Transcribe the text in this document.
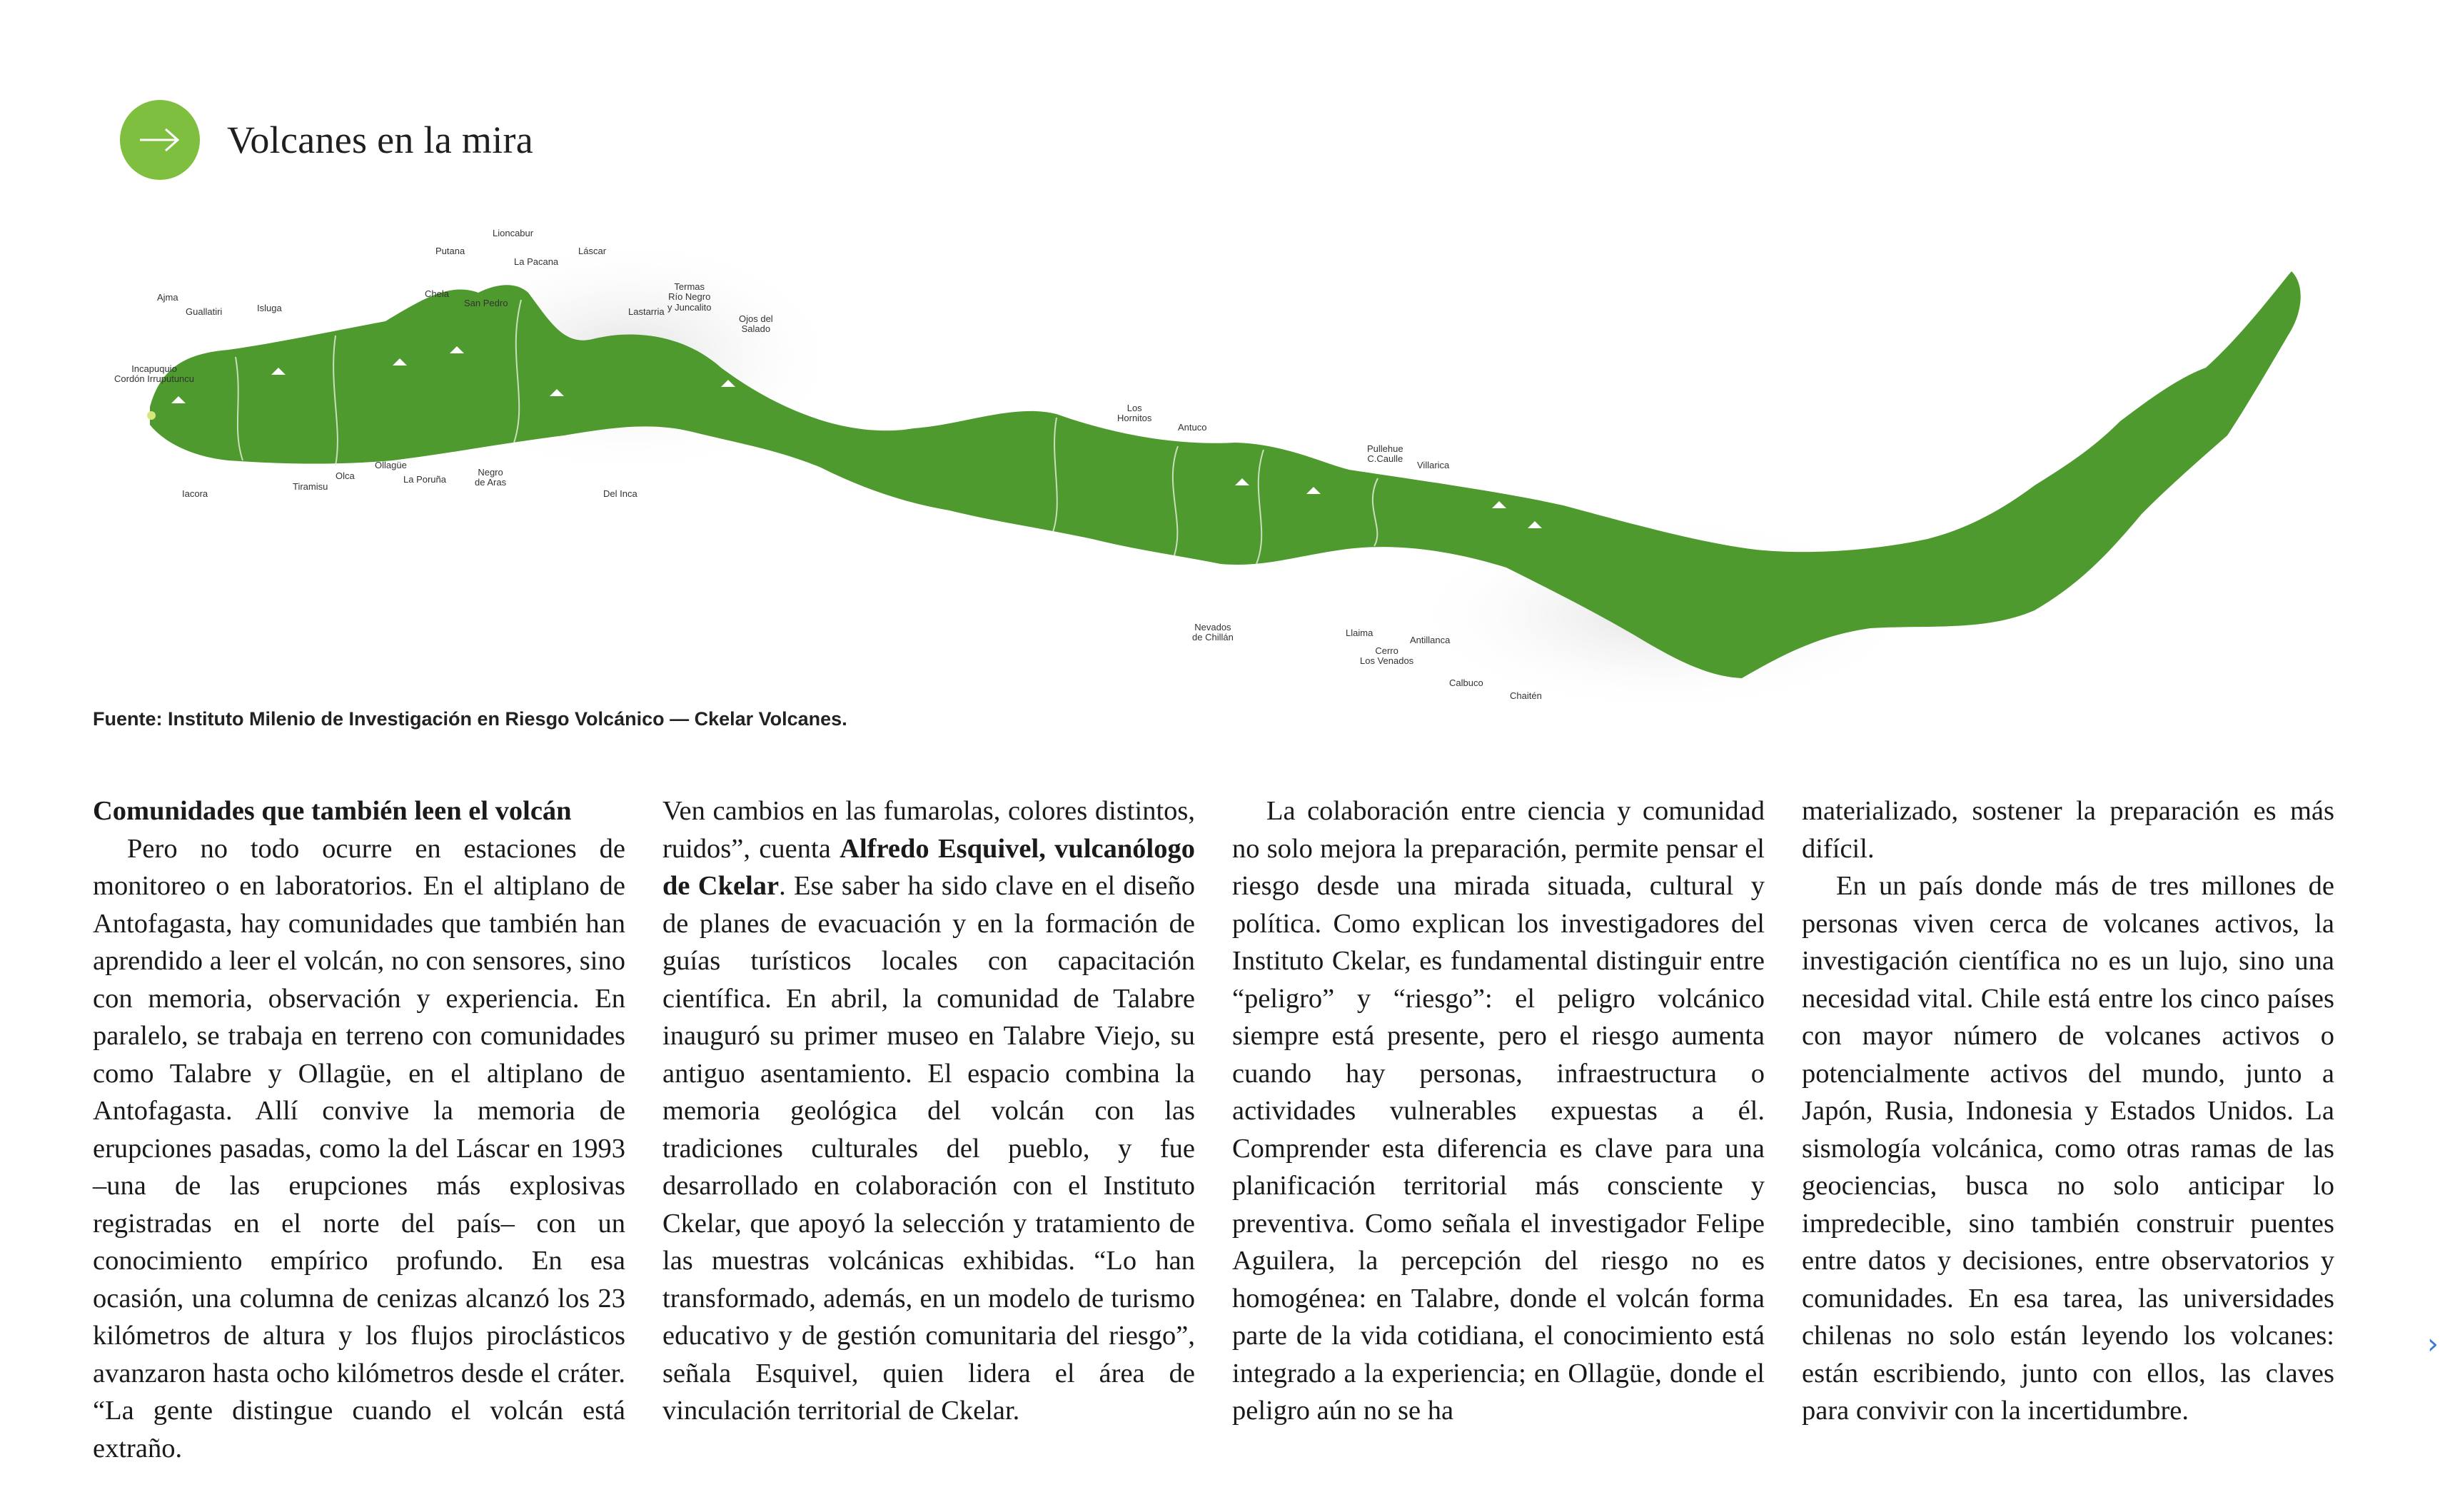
Volcanes en la mira
Lioncabur
Putana
La Pacana
Láscar
Chela
San Pedro
Ajma
Guallatiri	Isluga	Lastarria
Termas
Río Negro
y Juncalito
Ojos del
Salado
Incapuquio
Cordón Irruputuncu
Iacora
Tiramisu
Olca
Ollagüe
La Poruña
Negro
de Aras
Del Inca
Los
Hornitos
Antuco
Pullehue
C.Caulle
Villarica
Nevados
de Chillán	Llaima
Antillanca
Cerro
Los Venados
Calbuco
Chaitén
Fuente: Instituto Milenio de Investigación en Riesgo Volcánico — Ckelar Volcanes.

Comunidades que también leen el volcán

Pero no todo ocurre en estaciones de monitoreo o en laboratorios. En el altiplano de Antofagasta, hay comunidades que también han aprendido a leer el volcán, no con sensores, sino con memoria, observación y experiencia. En paralelo, se trabaja en terreno con comunidades como Talabre y Ollagüe, en el altiplano de Antofagasta. Allí convive la memoria de erupciones pasadas, como la del Láscar en 1993 –una de las erupciones más explosivas registradas en el norte del país– con un conocimiento empírico profundo. En esa ocasión, una columna de cenizas alcanzó los 23 kilómetros de altura y los flujos piroclásticos avanzaron hasta ocho kilómetros desde el cráter. “La gente distingue cuando el volcán está extraño.

Ven cambios en las fumarolas, colores distintos, ruidos”, cuenta Alfredo Esquivel, vulcanólogo de Ckelar. Ese saber ha sido clave en el diseño de planes de evacuación y en la formación de guías turísticos locales con capacitación científica. En abril, la comunidad de Talabre inauguró su primer museo en Talabre Viejo, su antiguo asentamiento. El espacio combina la memoria geológica del volcán con las tradiciones culturales del pueblo, y fue desarrollado en colaboración con el Instituto Ckelar, que apoyó la selección y tratamiento de las muestras volcánicas exhibidas. “Lo han transformado, además, en un modelo de turismo educativo y de gestión comunitaria del riesgo”, señala Esquivel, quien lidera el área de vinculación territorial de Ckelar.

La colaboración entre ciencia y comunidad no solo mejora la preparación, permite pensar el riesgo desde una mirada situada, cultural y política. Como explican los investigadores del Instituto Ckelar, es fundamental distinguir entre “peligro” y “riesgo”: el peligro volcánico siempre está presente, pero el riesgo aumenta cuando hay personas, infraestructura o actividades vulnerables expuestas a él. Comprender esta diferencia es clave para una planificación territorial más consciente y preventiva. Como señala el investigador Felipe Aguilera, la percepción del riesgo no es homogénea: en Talabre, donde el volcán forma parte de la vida cotidiana, el conocimiento está integrado a la experiencia; en Ollagüe, donde el peligro aún no se ha

materializado, sostener la preparación es más difícil.

En un país donde más de tres millones de personas viven cerca de volcanes activos, la investigación científica no es un lujo, sino una necesidad vital. Chile está entre los cinco países con mayor número de volcanes activos o potencialmente activos del mundo, junto a Japón, Rusia, Indonesia y Estados Unidos. La sismología volcánica, como otras ramas de las geociencias, busca no solo anticipar lo impredecible, sino también construir puentes entre datos y decisiones, entre observatorios y comunidades. En esa tarea, las universidades chilenas no solo están leyendo los volcanes: están escribiendo, junto con ellos, las claves para convivir con la incertidumbre.

›
